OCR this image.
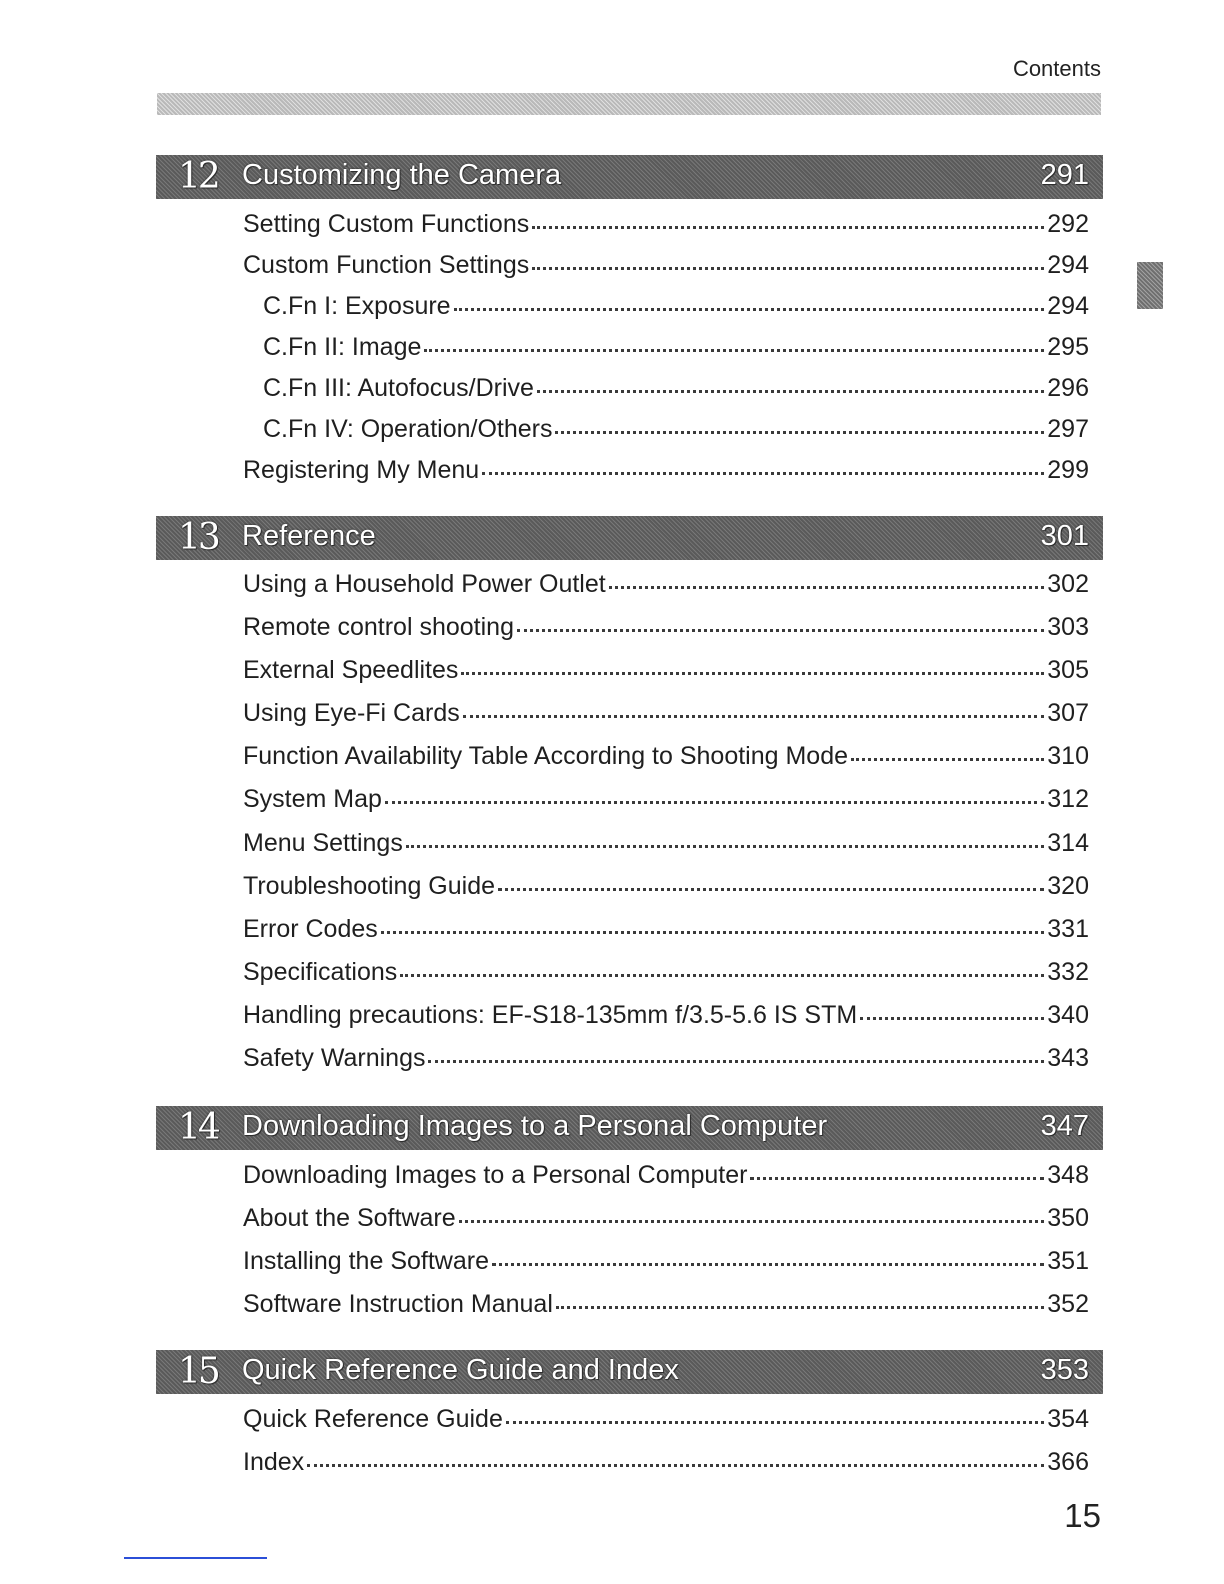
Contents
12 Customizing the Camera	291
Setting Custom Functions	292
Custom Function Settings	294
C.Fn I: Exposure	294
C.Fn II: Image	295
C.Fn III: Autofocus/Drive	296
C.Fn IV: Operation/Others	297
Registering My Menu	299
13 Reference	301
Using a Household Power Outlet	302
Remote control shooting	303
External Speedlites	305
Using Eye-Fi Cards	307
Function Availability Table According to Shooting Mode	310
System Map	312
Menu Settings	314
Troubleshooting Guide	320
Error Codes	331
Specifications	332
Handling precautions: EF-S18-135mm f/3.5-5.6 IS STM	340
Safety Warnings	343
14 Downloading Images to a Personal Computer	347
Downloading Images to a Personal Computer	348
About the Software	350
Installing the Software	351
Software Instruction Manual	352
15 Quick Reference Guide and Index	353
Quick Reference Guide	354
Index	366
15
